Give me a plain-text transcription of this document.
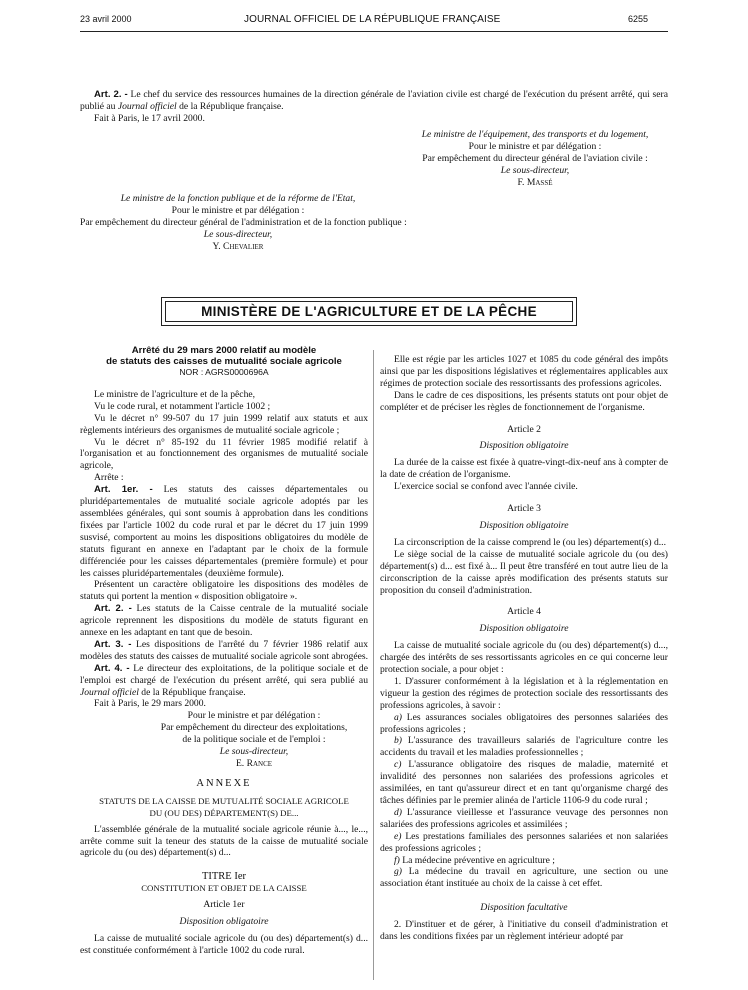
23 avril 2000	JOURNAL OFFICIEL DE LA RÉPUBLIQUE FRANÇAISE	6255

Art. 2. - Le chef du service des ressources humaines de la direction générale de l'aviation civile est chargé de l'exécution du présent arrêté, qui sera publié au Journal officiel de la République française.

Fait à Paris, le 17 avril 2000.

Le ministre de l'équipement, des transports et du logement,

Pour le ministre et par délégation :

Par empêchement du directeur général de l'aviation civile :

Le sous-directeur,

F. Massé

Le ministre de la fonction publique et de la réforme de l'Etat,

Pour le ministre et par délégation :

Par empêchement du directeur général de l'administration et de la fonction publique :

Le sous-directeur,

Y. Chevalier

MINISTÈRE DE L'AGRICULTURE ET DE LA PÊCHE

Arrêté du 29 mars 2000 relatif au modèle

de statuts des caisses de mutualité sociale agricole

NOR : AGRS0000696A

Le ministre de l'agriculture et de la pêche,

Vu le code rural, et notamment l'article 1002 ;

Vu le décret n° 99-507 du 17 juin 1999 relatif aux statuts et aux règlements intérieurs des organismes de mutualité sociale agricole ;

Vu le décret n° 85-192 du 11 février 1985 modifié relatif à l'organisation et au fonctionnement des organismes de mutualité sociale agricole,

Arrête :

Art. 1er. - Les statuts des caisses départementales ou pluridépartementales de mutualité sociale agricole adoptés par les assemblées générales, qui sont soumis à approbation dans les conditions fixées par l'article 1002 du code rural et par le décret du 17 juin 1999 susvisé, comportent au moins les dispositions obligatoires du modèle de statuts figurant en annexe en l'adaptant par le choix de la formule différenciée pour les caisses départementales (première formule) et pour les caisses pluridépartementales (deuxième formule).

Présentent un caractère obligatoire les dispositions des modèles de statuts qui portent la mention « disposition obligatoire ».

Art. 2. - Les statuts de la Caisse centrale de la mutualité sociale agricole reprennent les dispositions du modèle de statuts figurant en annexe en les adaptant en tant que de besoin.

Art. 3. - Les dispositions de l'arrêté du 7 février 1986 relatif aux modèles des statuts des caisses de mutualité sociale agricole sont abrogées.

Art. 4. - Le directeur des exploitations, de la politique sociale et de l'emploi est chargé de l'exécution du présent arrêté, qui sera publié au Journal officiel de la République française.

Fait à Paris, le 29 mars 2000.

Pour le ministre et par délégation :

Par empêchement du directeur des exploitations,

de la politique sociale et de l'emploi :

Le sous-directeur,

E. Rance

ANNEXE

STATUTS DE LA CAISSE DE MUTUALITÉ SOCIALE AGRICOLE

DU (OU DES) DÉPARTEMENT(S) DE...

L'assemblée générale de la mutualité sociale agricole réunie à..., le..., arrête comme suit la teneur des statuts de la caisse de mutualité sociale agricole du (ou des) département(s) d...

TITRE Ier

CONSTITUTION ET OBJET DE LA CAISSE

Article 1er

Disposition obligatoire

La caisse de mutualité sociale agricole du (ou des) département(s) d... est constituée conformément à l'article 1002 du code rural.

Elle est régie par les articles 1027 et 1085 du code général des impôts ainsi que par les dispositions législatives et réglementaires applicables aux régimes de protection sociale des ressortissants des professions agricoles.

Dans le cadre de ces dispositions, les présents statuts ont pour objet de compléter et de préciser les règles de fonctionnement de l'organisme.

Article 2

Disposition obligatoire

La durée de la caisse est fixée à quatre-vingt-dix-neuf ans à compter de la date de création de l'organisme.

L'exercice social se confond avec l'année civile.

Article 3

Disposition obligatoire

La circonscription de la caisse comprend le (ou les) département(s) d...

Le siège social de la caisse de mutualité sociale agricole du (ou des) département(s) d... est fixé à... Il peut être transféré en tout autre lieu de la circonscription de la caisse après modification des présents statuts sur proposition du conseil d'administration.

Article 4

Disposition obligatoire

La caisse de mutualité sociale agricole du (ou des) département(s) d..., chargée des intérêts de ses ressortissants agricoles en ce qui concerne leur protection sociale, a pour objet :

1. D'assurer conformément à la législation et à la réglementation en vigueur la gestion des régimes de protection sociale des ressortissants des professions agricoles, à savoir :

a) Les assurances sociales obligatoires des personnes salariées des professions agricoles ;

b) L'assurance des travailleurs salariés de l'agriculture contre les accidents du travail et les maladies professionnelles ;

c) L'assurance obligatoire des risques de maladie, maternité et invalidité des personnes non salariées des professions agricoles et assimilées, en tant qu'assureur direct et en tant qu'organisme chargé des tâches définies par le premier alinéa de l'article 1106-9 du code rural ;

d) L'assurance vieillesse et l'assurance veuvage des personnes non salariées des professions agricoles et assimilées ;

e) Les prestations familiales des personnes salariées et non salariées des professions agricoles ;

f) La médecine préventive en agriculture ;

g) La médecine du travail en agriculture, une section ou une association étant instituée au choix de la caisse à cet effet.

Disposition facultative

2. D'instituer et de gérer, à l'initiative du conseil d'administration et dans les conditions fixées par un règlement intérieur adopté par
